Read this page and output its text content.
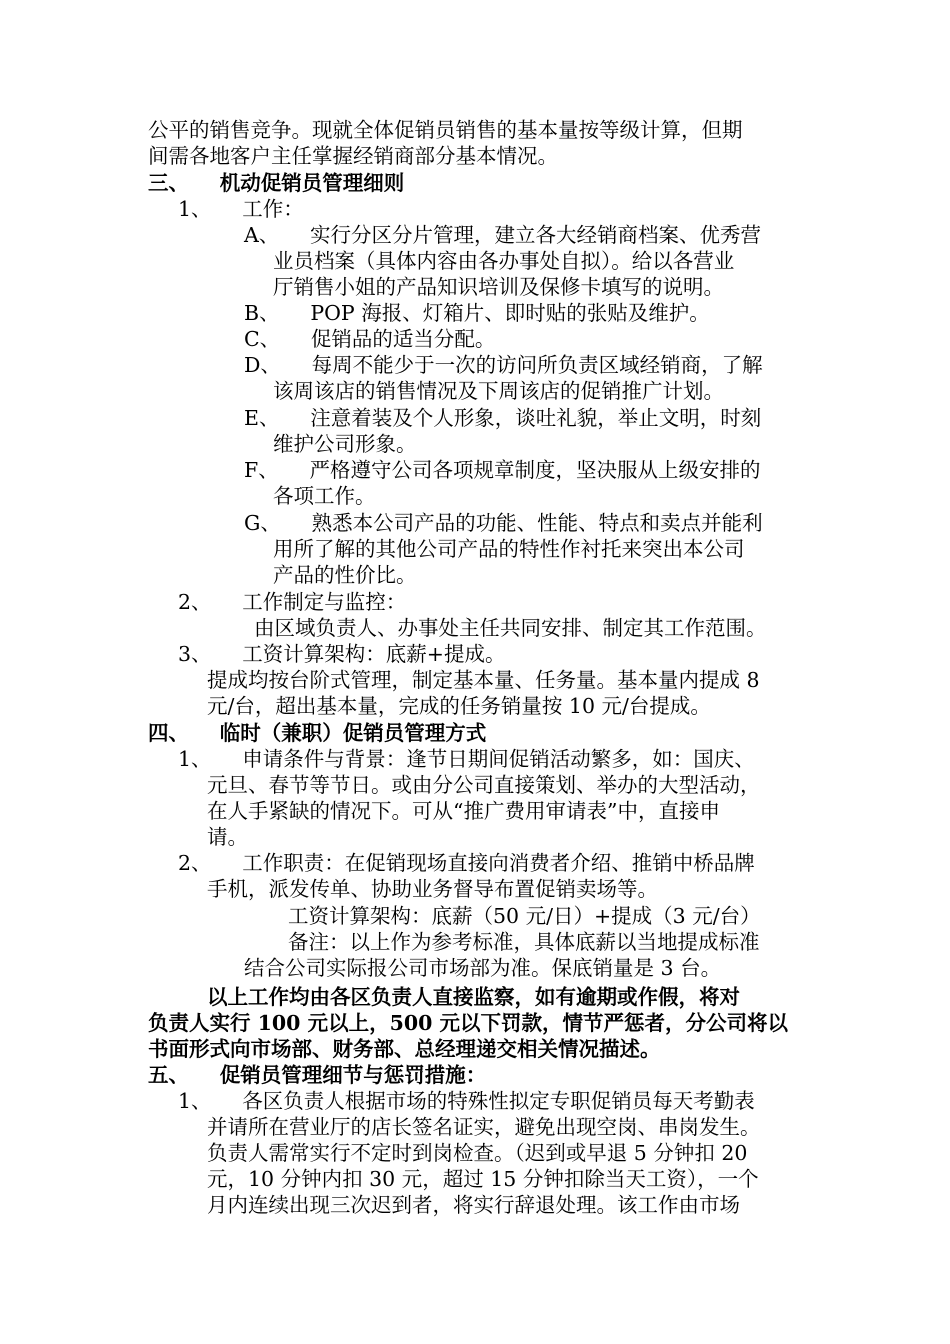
公平的销售竞争。现就全体促销员销售的基本量按等级计算，但期
间需各地客户主任掌握经销商部分基本情况。
三、　　机动促销员管理细则
1、　　工作：
A、　　实行分区分片管理，建立各大经销商档案、优秀营
业员档案（具体内容由各办事处自拟）。给以各营业
厅销售小姐的产品知识培训及保修卡填写的说明。
B、　　POP 海报、灯箱片、即时贴的张贴及维护。
C、　　促销品的适当分配。
D、　　每周不能少于一次的访问所负责区域经销商，了解
该周该店的销售情况及下周该店的促销推广计划。
E、　　注意着装及个人形象，谈吐礼貌，举止文明，时刻
维护公司形象。
F、　　严格遵守公司各项规章制度，坚决服从上级安排的
各项工作。
G、　　熟悉本公司产品的功能、性能、特点和卖点并能利
用所了解的其他公司产品的特性作衬托来突出本公司
产品的性价比。
2、　　工作制定与监控：
由区域负责人、办事处主任共同安排、制定其工作范围。
3、　　工资计算架构：底薪+提成。
提成均按台阶式管理，制定基本量、任务量。基本量内提成 8
元/台，超出基本量，完成的任务销量按 10 元/台提成。
四、　　临时（兼职）促销员管理方式
1、　　申请条件与背景：逢节日期间促销活动繁多，如：国庆、
元旦、春节等节日。或由分公司直接策划、举办的大型活动，
在人手紧缺的情况下。可从“推广费用审请表”中，直接申
请。
2、　　工作职责：在促销现场直接向消费者介绍、推销中桥品牌
手机，派发传单、协助业务督导布置促销卖场等。
工资计算架构：底薪（50 元/日）+提成（3 元/台）
备注：以上作为参考标准，具体底薪以当地提成标准
结合公司实际报公司市场部为准。保底销量是 3 台。
以上工作均由各区负责人直接监察，如有逾期或作假，将对
负责人实行 100 元以上，500 元以下罚款，情节严惩者，分公司将以
书面形式向市场部、财务部、总经理递交相关情况描述。
五、　　促销员管理细节与惩罚措施：
1、　　各区负责人根据市场的特殊性拟定专职促销员每天考勤表
并请所在营业厅的店长签名证实，避免出现空岗、串岗发生。
负责人需常实行不定时到岗检查。（迟到或早退 5 分钟扣 20
元，10 分钟内扣 30 元，超过 15 分钟扣除当天工资），一个
月内连续出现三次迟到者，将实行辞退处理。该工作由市场
